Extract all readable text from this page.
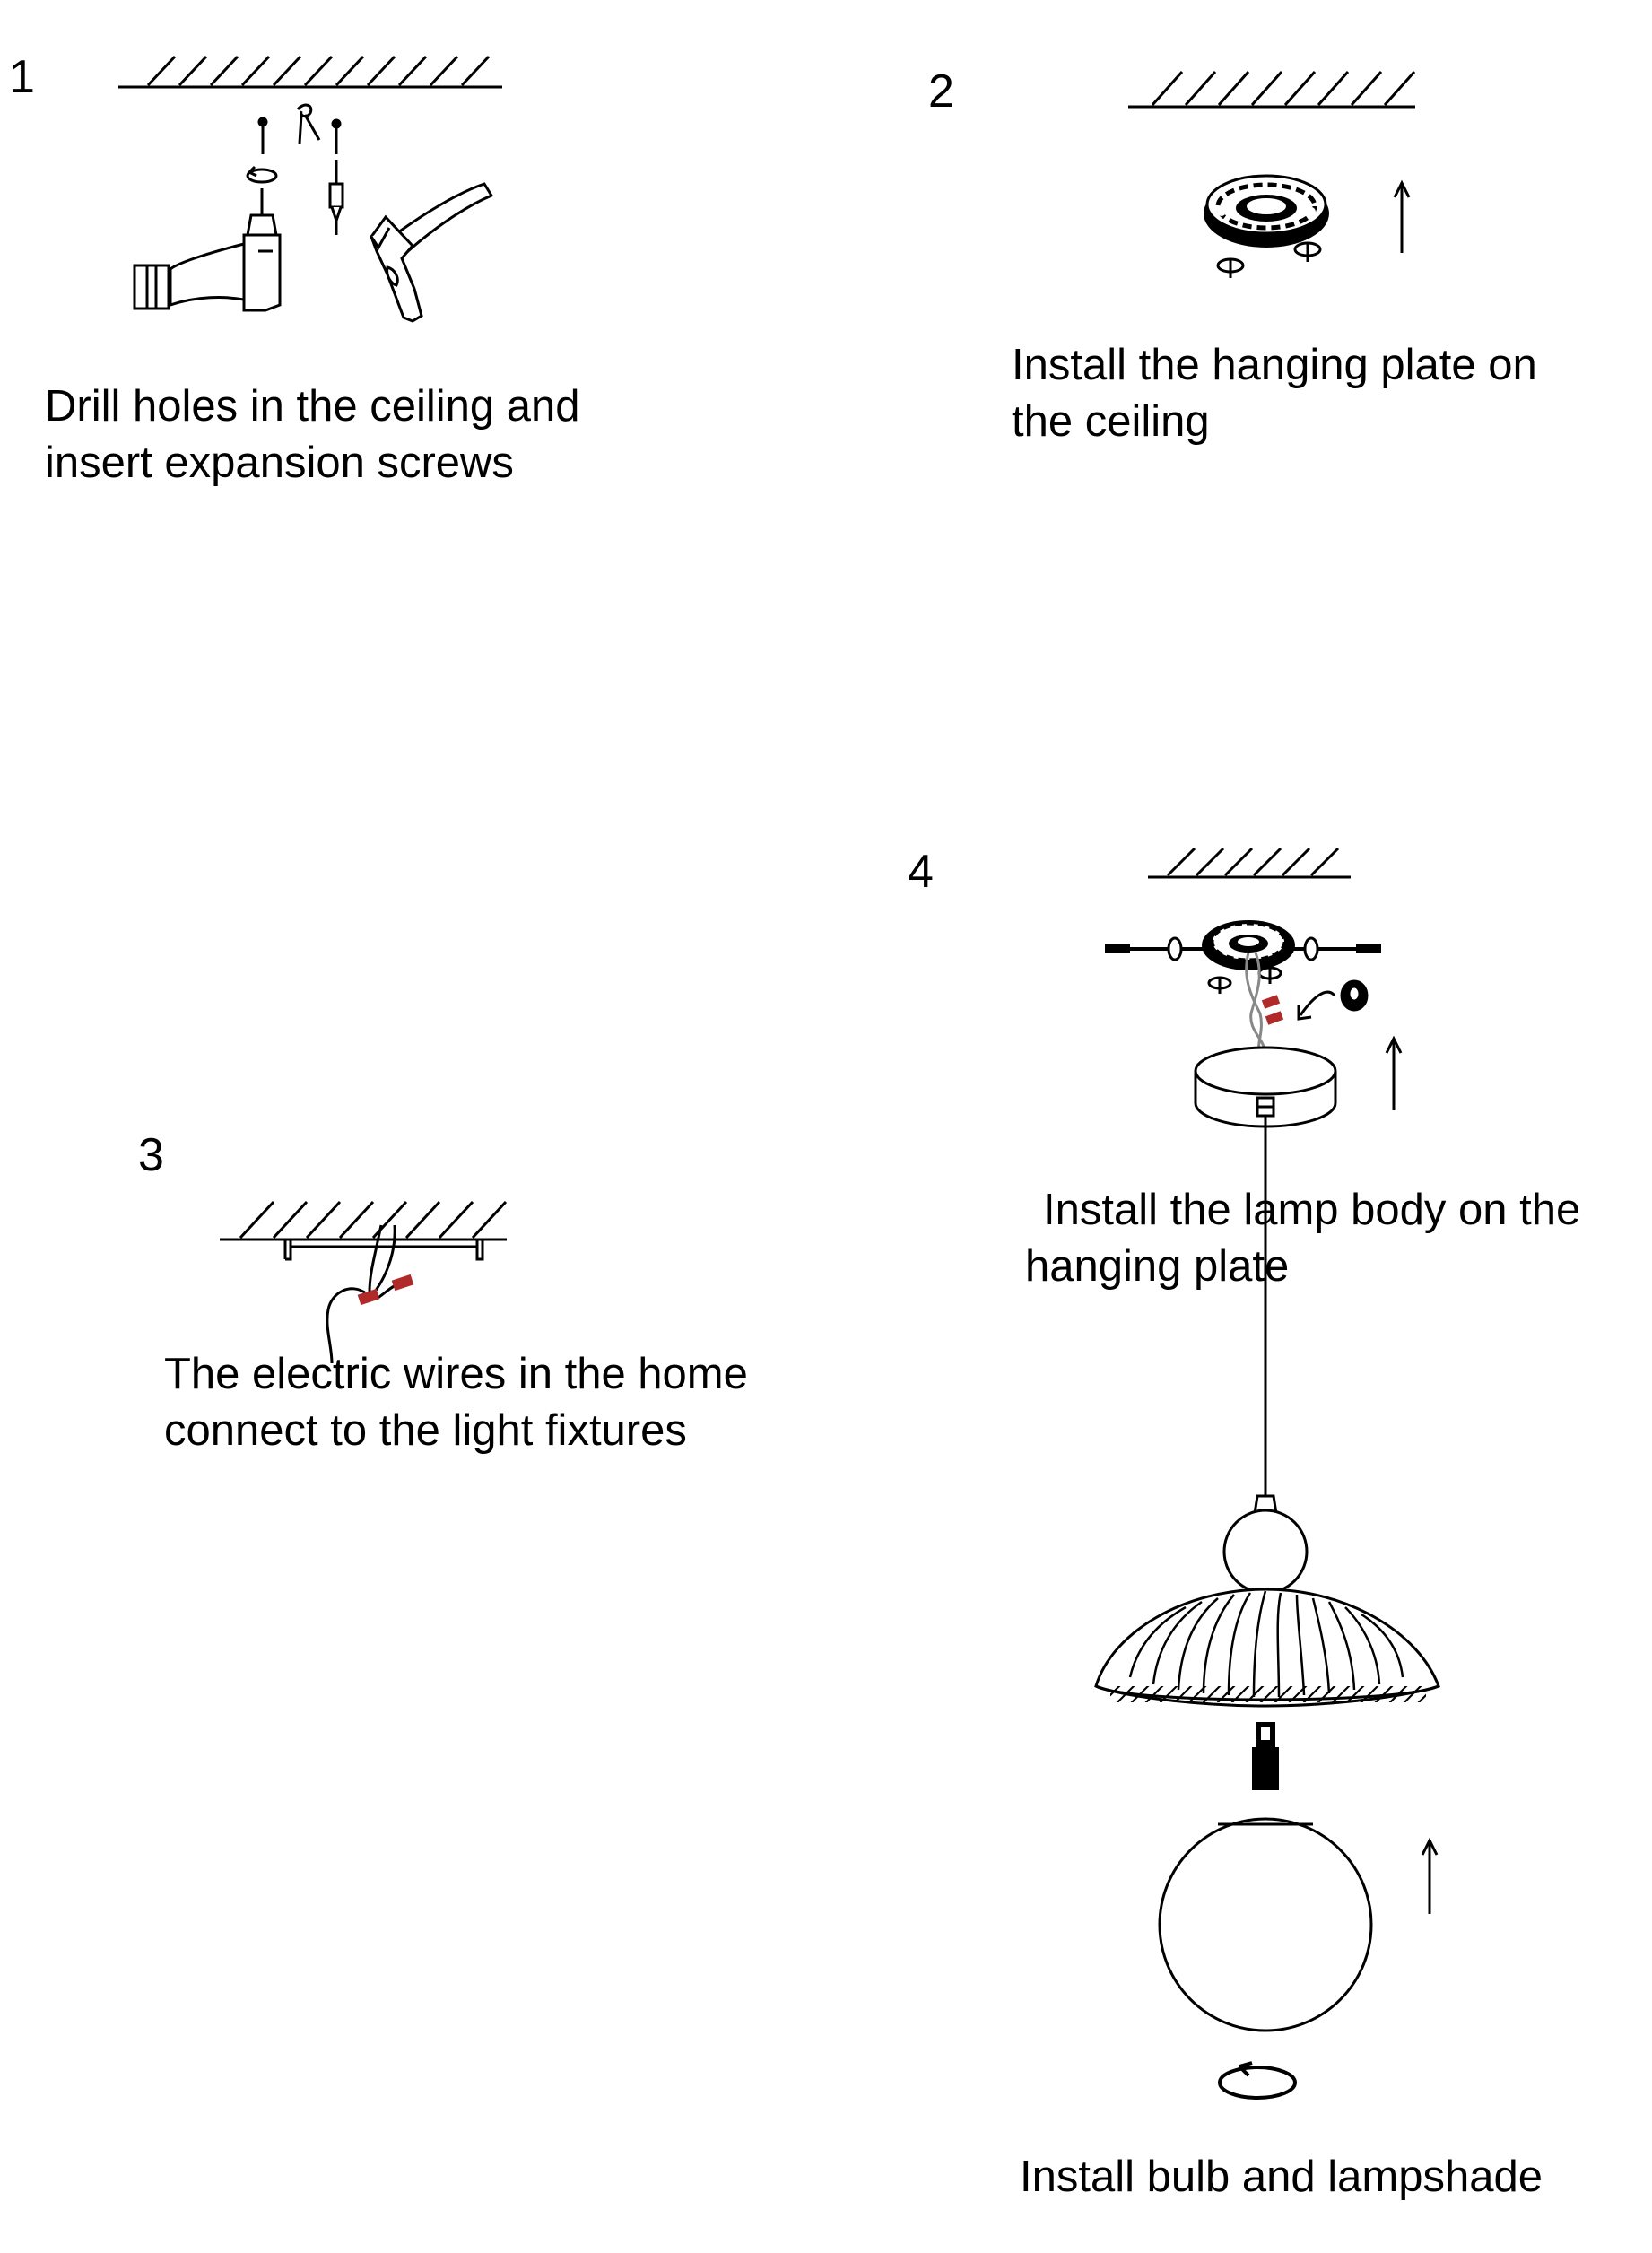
1
Drill holes in the ceiling and
insert expansion screws
2
Install the hanging plate on
the ceiling
3
The electric wires in the home
connect to the light fixtures
4
Install the lamp body on the
hanging plate
Install bulb and lampshade
